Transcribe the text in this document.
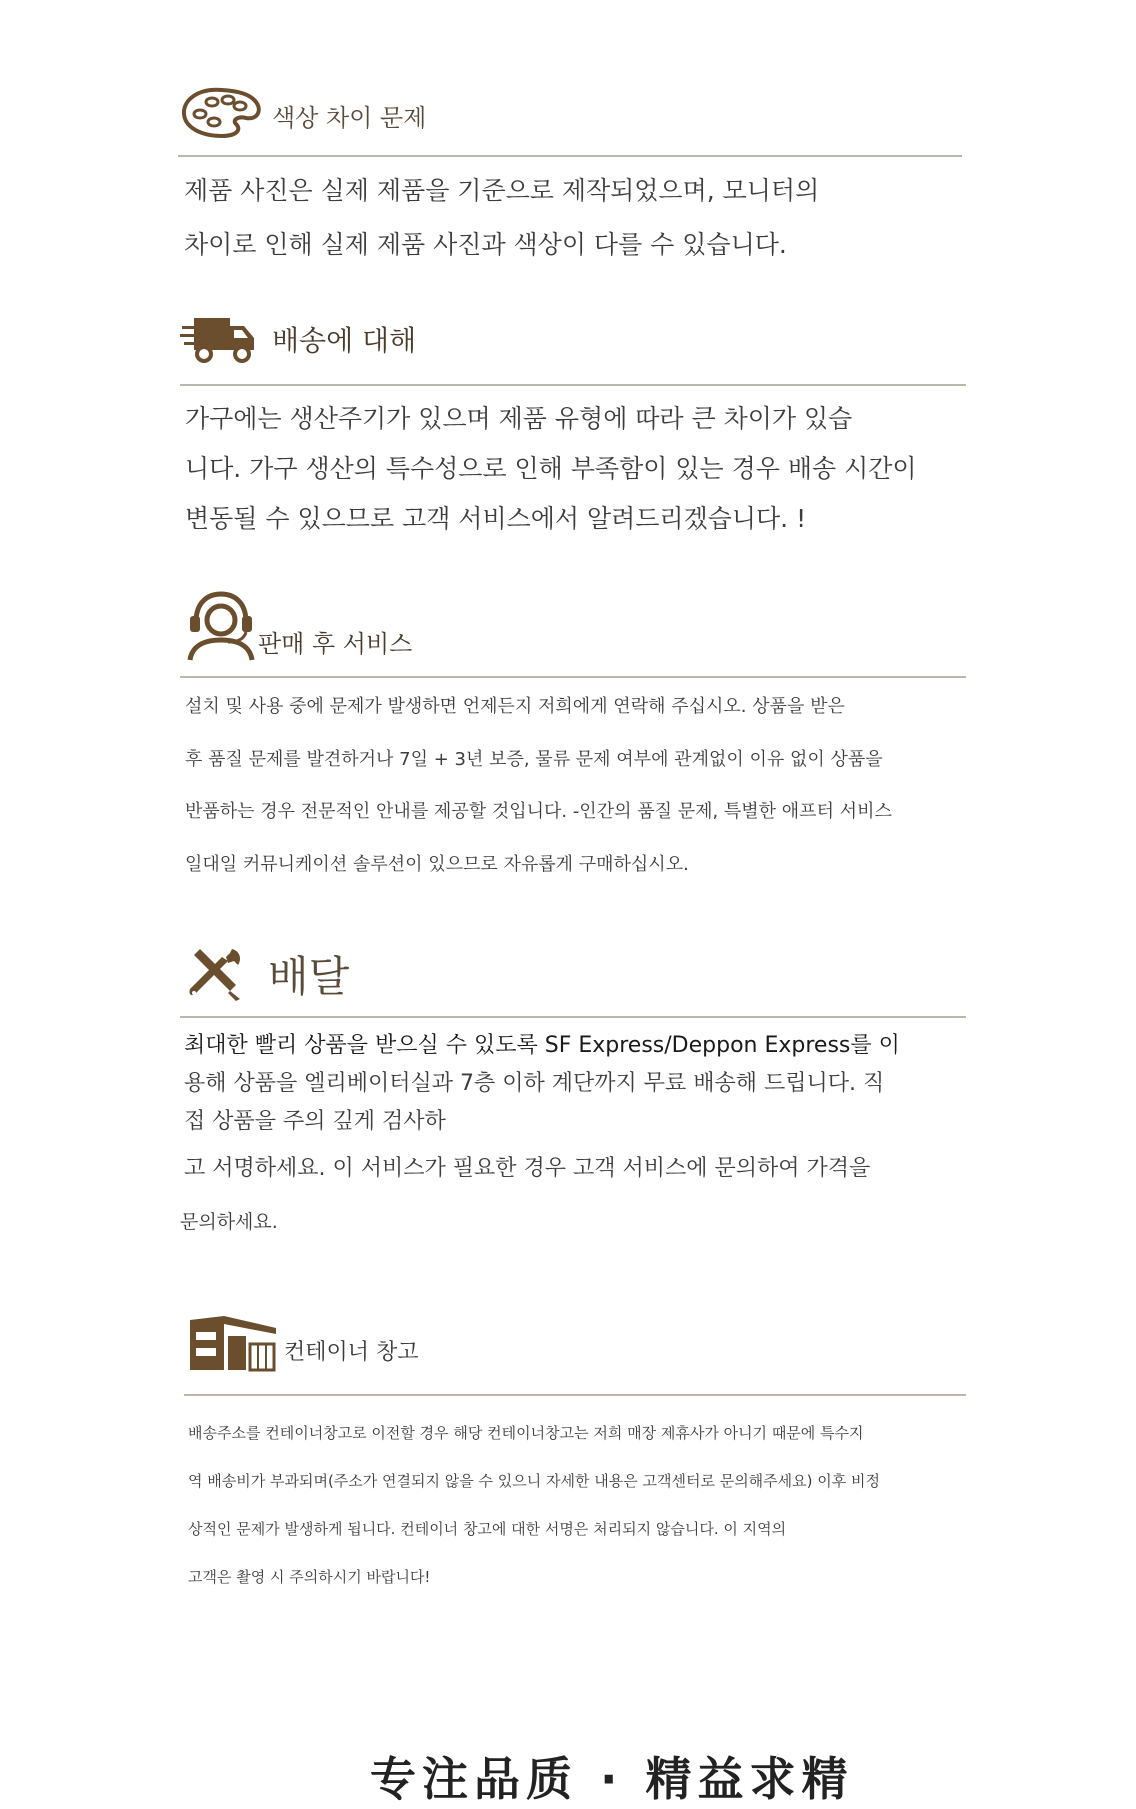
색상 차이 문제

제품 사진은 실제 제품을 기준으로 제작되었으며, 모니터의

차이로 인해 실제 제품 사진과 색상이 다를 수 있습니다.

배송에 대해

가구에는 생산주기가 있으며 제품 유형에 따라 큰 차이가 있습

니다. 가구 생산의 특수성으로 인해 부족함이 있는 경우 배송 시간이

변동될 수 있으므로 고객 서비스에서 알려드리겠습니다. !

판매 후 서비스

설치 및 사용 중에 문제가 발생하면 언제든지 저희에게 연락해 주십시오. 상품을 받은

후 품질 문제를 발견하거나 7일 + 3년 보증, 물류 문제 여부에 관계없이 이유 없이 상품을

반품하는 경우 전문적인 안내를 제공할 것입니다. -인간의 품질 문제, 특별한 애프터 서비스

일대일 커뮤니케이션 솔루션이 있으므로 자유롭게 구매하십시오.

배달

최대한 빨리 상품을 받으실 수 있도록 SF Express/Deppon Express를 이

용해 상품을 엘리베이터실과 7층 이하 계단까지 무료 배송해 드립니다. 직

접 상품을 주의 깊게 검사하

고 서명하세요. 이 서비스가 필요한 경우 고객 서비스에 문의하여 가격을

문의하세요.

컨테이너 창고

배송주소를 컨테이너창고로 이전할 경우 해당 컨테이너창고는 저희 매장 제휴사가 아니기 때문에 특수지

역 배송비가 부과되며(주소가 연결되지 않을 수 있으니 자세한 내용은 고객센터로 문의해주세요) 이후 비정

상적인 문제가 발생하게 됩니다. 컨테이너 창고에 대한 서명은 처리되지 않습니다. 이 지역의

고객은 촬영 시 주의하시기 바랍니다!

专注品质 · 精益求精
